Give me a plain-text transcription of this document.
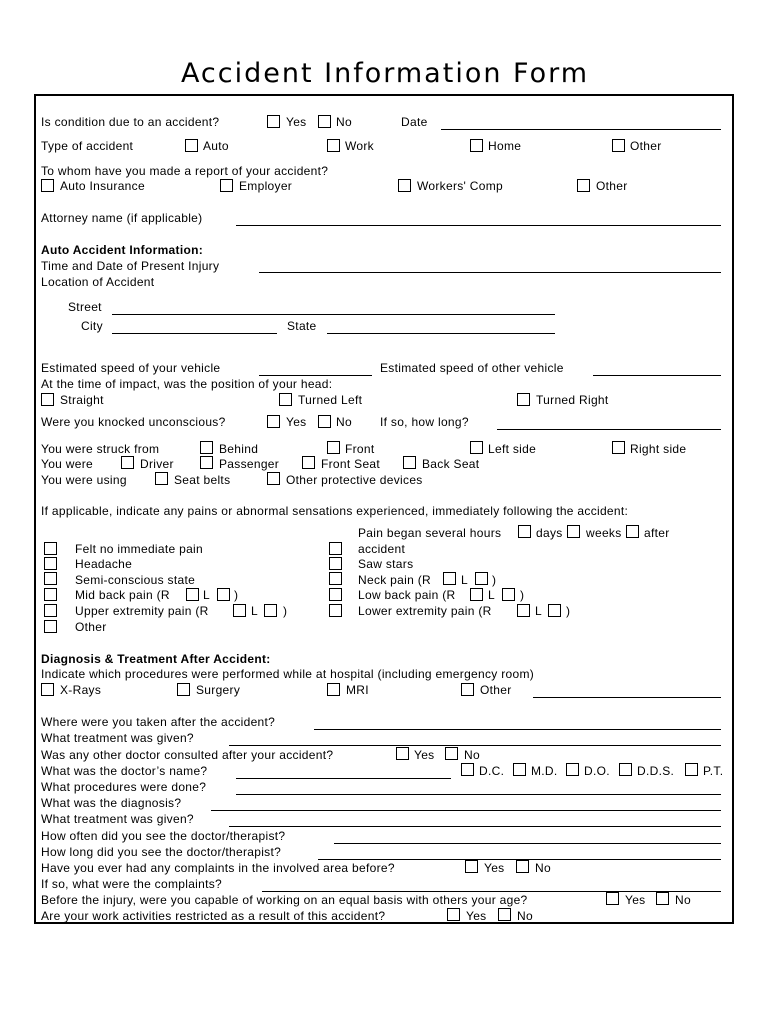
Accident Information Form
Is condition due to an accident?	Yes No	Date
Type of accident	Auto	Work	Home	Other
To whom have you made a report of your accident?
Auto Insurance	Employer	Workers' Comp	Other
Attorney name (if applicable)
Auto Accident Information:
Time and Date of Present Injury
Location of Accident
Street
City	State
Estimated speed of your vehicle	Estimated speed of other vehicle
At the time of impact, was the position of your head:
Straight	Turned Left	Turned Right
Were you knocked unconscious?	Yes No If so, how long?
You were struck from	Behind	Front	Left side	Right side
You were	Driver	Passenger	Front Seat	Back Seat
You were using	Seat belts	Other protective devices
If applicable, indicate any pains or abnormal sensations experienced, immediately following the accident:
Felt no immediate pain
Headache
Semi-conscious state
Mid back pain (R	L )
Upper extremity pain (R	L )
Other
Pain began several hours	days weeks after
accident
Saw stars
Neck pain (R	L )
Low back pain (R	L )
Lower extremity pain (R	L )
Diagnosis & Treatment After Accident:
Indicate which procedures were performed while at hospital (including emergency room)
X-Rays	Surgery	MRI	Other
Where were you taken after the accident?
What treatment was given?
Was any other doctor consulted after your accident?	Yes No
What was the doctor’s name?	D.C. M.D. D.O. D.D.S. P.T.
What procedures were done?
What was the diagnosis?
What treatment was given?
How often did you see the doctor/therapist?
How long did you see the doctor/therapist?
Have you ever had any complaints in the involved area before?	Yes	No
If so, what were the complaints?
Before the injury, were you capable of working on an equal basis with others your age?	Yes No
Are your work activities restricted as a result of this accident?	Yes	No
